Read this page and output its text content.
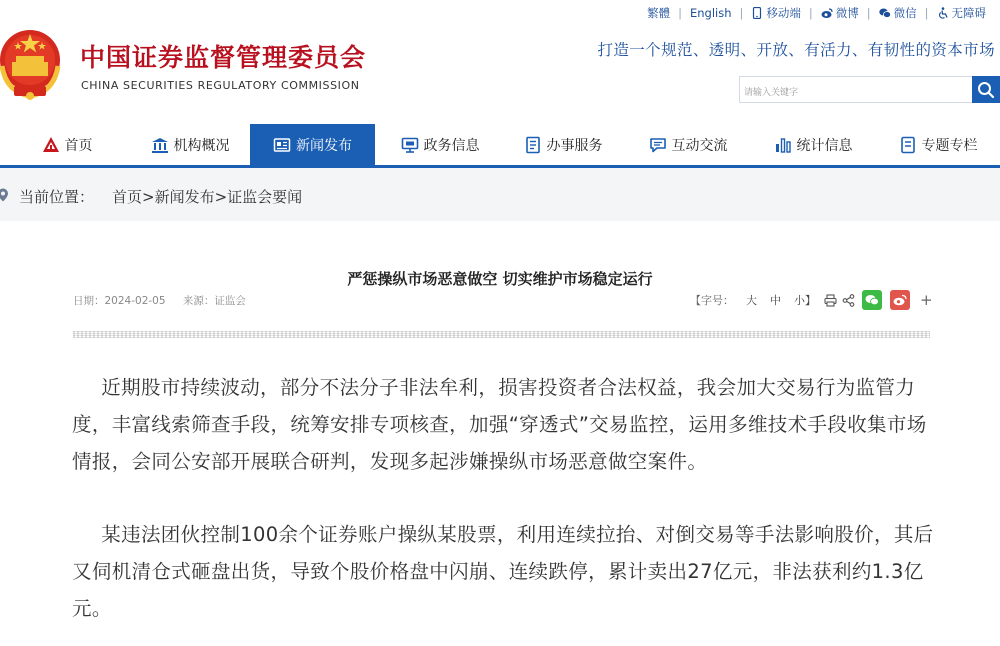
中国证券监督管理委员会
CHINA SECURITIES REGULATORY COMMISSION
繁體 | English | 移动端 | 微博 | 微信 | 无障碍
打造一个规范、透明、开放、有活力、有韧性的资本市场
请输入关键字
首页	机构概况	新闻发布	政务信息	办事服务	互动交流	统计信息	专题专栏
当前位置： 首页>新闻发布>证监会要闻
严惩操纵市场恶意做空 切实维护市场稳定运行
日期：2024-02-05 来源：证监会	【字号： 大 中 小】	+

近期股市持续波动，部分不法分子非法牟利，损害投资者合法权益，我会加大交易行为监管力度，丰富线索筛查手段，统筹安排专项核查，加强“穿透式”交易监控，运用多维技术手段收集市场情报，会同公安部开展联合研判，发现多起涉嫌操纵市场恶意做空案件。

某违法团伙控制100余个证券账户操纵某股票，利用连续拉抬、对倒交易等手法影响股价，其后又伺机清仓式砸盘出货，导致个股价格盘中闪崩、连续跌停，累计卖出27亿元，非法获利约1.3亿元。
